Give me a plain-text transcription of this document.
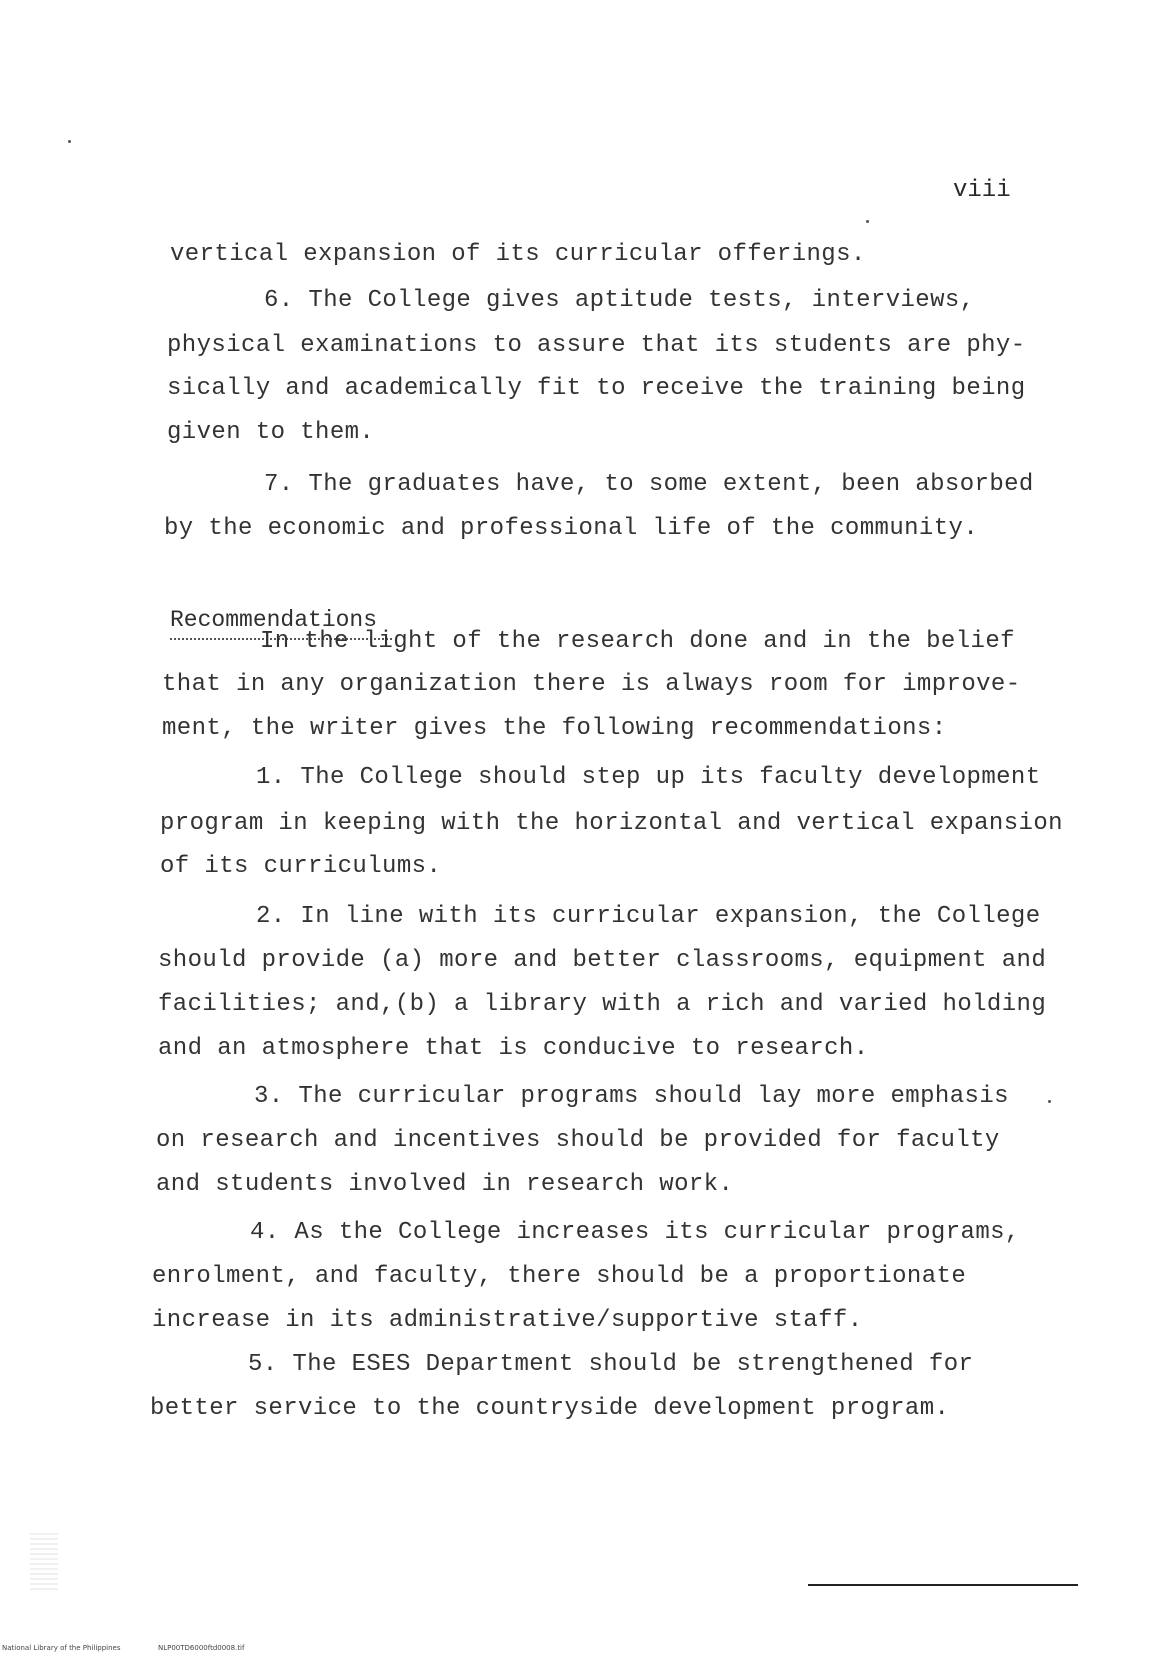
viii
vertical expansion of its curricular offerings.
6. The College gives aptitude tests, interviews,
physical examinations to assure that its students are phy-
sically and academically fit to receive the training being
given to them.
7. The graduates have, to some extent, been absorbed
by the economic and professional life of the community.
Recommendations
In the light of the research done and in the belief
that in any organization there is always room for improve-
ment, the writer gives the following recommendations:
1. The College should step up its faculty development
program in keeping with the horizontal and vertical expansion
of its curriculums.
2. In line with its curricular expansion, the College
should provide (a) more and better classrooms, equipment and
facilities; and,(b) a library with a rich and varied holding
and an atmosphere that is conducive to research.
3. The curricular programs should lay more emphasis
on research and incentives should be provided for faculty
and students involved in research work.
4. As the College increases its curricular programs,
enrolment, and faculty, there should be a proportionate
increase in its administrative/supportive staff.
5. The ESES Department should be strengthened for
better service to the countryside development program.
National Library of the Philippines	NLP00TD6000ftd0008.tif
